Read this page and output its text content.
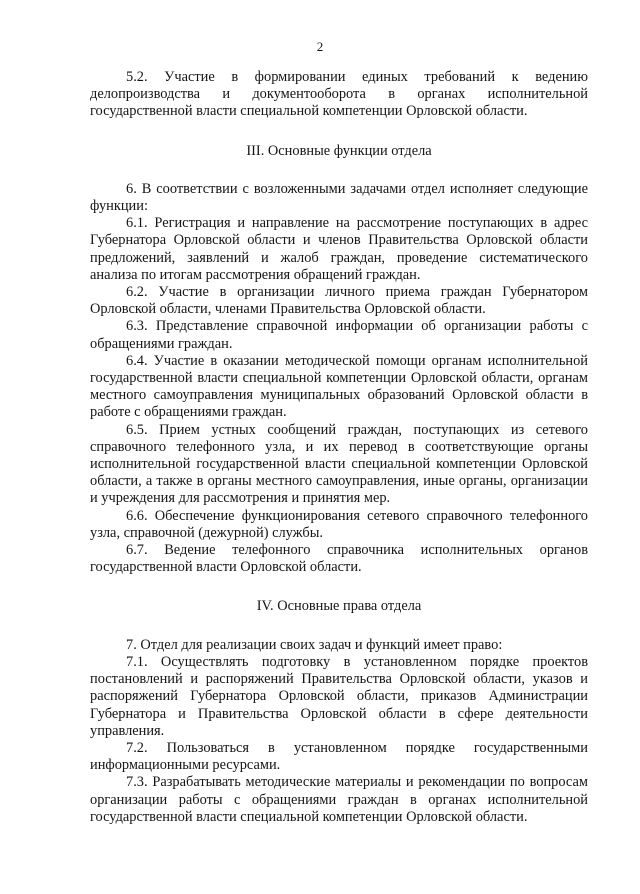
2

5.2. Участие в формировании единых требований к ведению делопроизводства и документооборота в органах исполнительной государственной власти специальной компетенции Орловской области.

III. Основные функции отдела

6. В соответствии с возложенными задачами отдел исполняет следующие функции:

6.1. Регистрация и направление на рассмотрение поступающих в адрес Губернатора Орловской области и членов Правительства Орловской области предложений, заявлений и жалоб граждан, проведение систематического анализа по итогам рассмотрения обращений граждан.

6.2. Участие в организации личного приема граждан Губернатором Орловской области, членами Правительства Орловской области.

6.3. Представление справочной информации об организации работы с обращениями граждан.

6.4. Участие в оказании методической помощи органам исполнительной государственной власти специальной компетенции Орловской области, органам местного самоуправления муниципальных образований Орловской области в работе с обращениями граждан.

6.5. Прием устных сообщений граждан, поступающих из сетевого справочного телефонного узла, и их перевод в соответствующие органы исполнительной государственной власти специальной компетенции Орловской области, а также в органы местного самоуправления, иные органы, организации и учреждения для рассмотрения и принятия мер.

6.6. Обеспечение функционирования сетевого справочного телефонного узла, справочной (дежурной) службы.

6.7. Ведение телефонного справочника исполнительных органов государственной власти Орловской области.

IV. Основные права отдела

7. Отдел для реализации своих задач и функций имеет право:

7.1. Осуществлять подготовку в установленном порядке проектов постановлений и распоряжений Правительства Орловской области, указов и распоряжений Губернатора Орловской области, приказов Администрации Губернатора и Правительства Орловской области в сфере деятельности управления.

7.2. Пользоваться в установленном порядке государственными информационными ресурсами.

7.3. Разрабатывать методические материалы и рекомендации по вопросам организации работы с обращениями граждан в органах исполнительной государственной власти специальной компетенции Орловской области.
